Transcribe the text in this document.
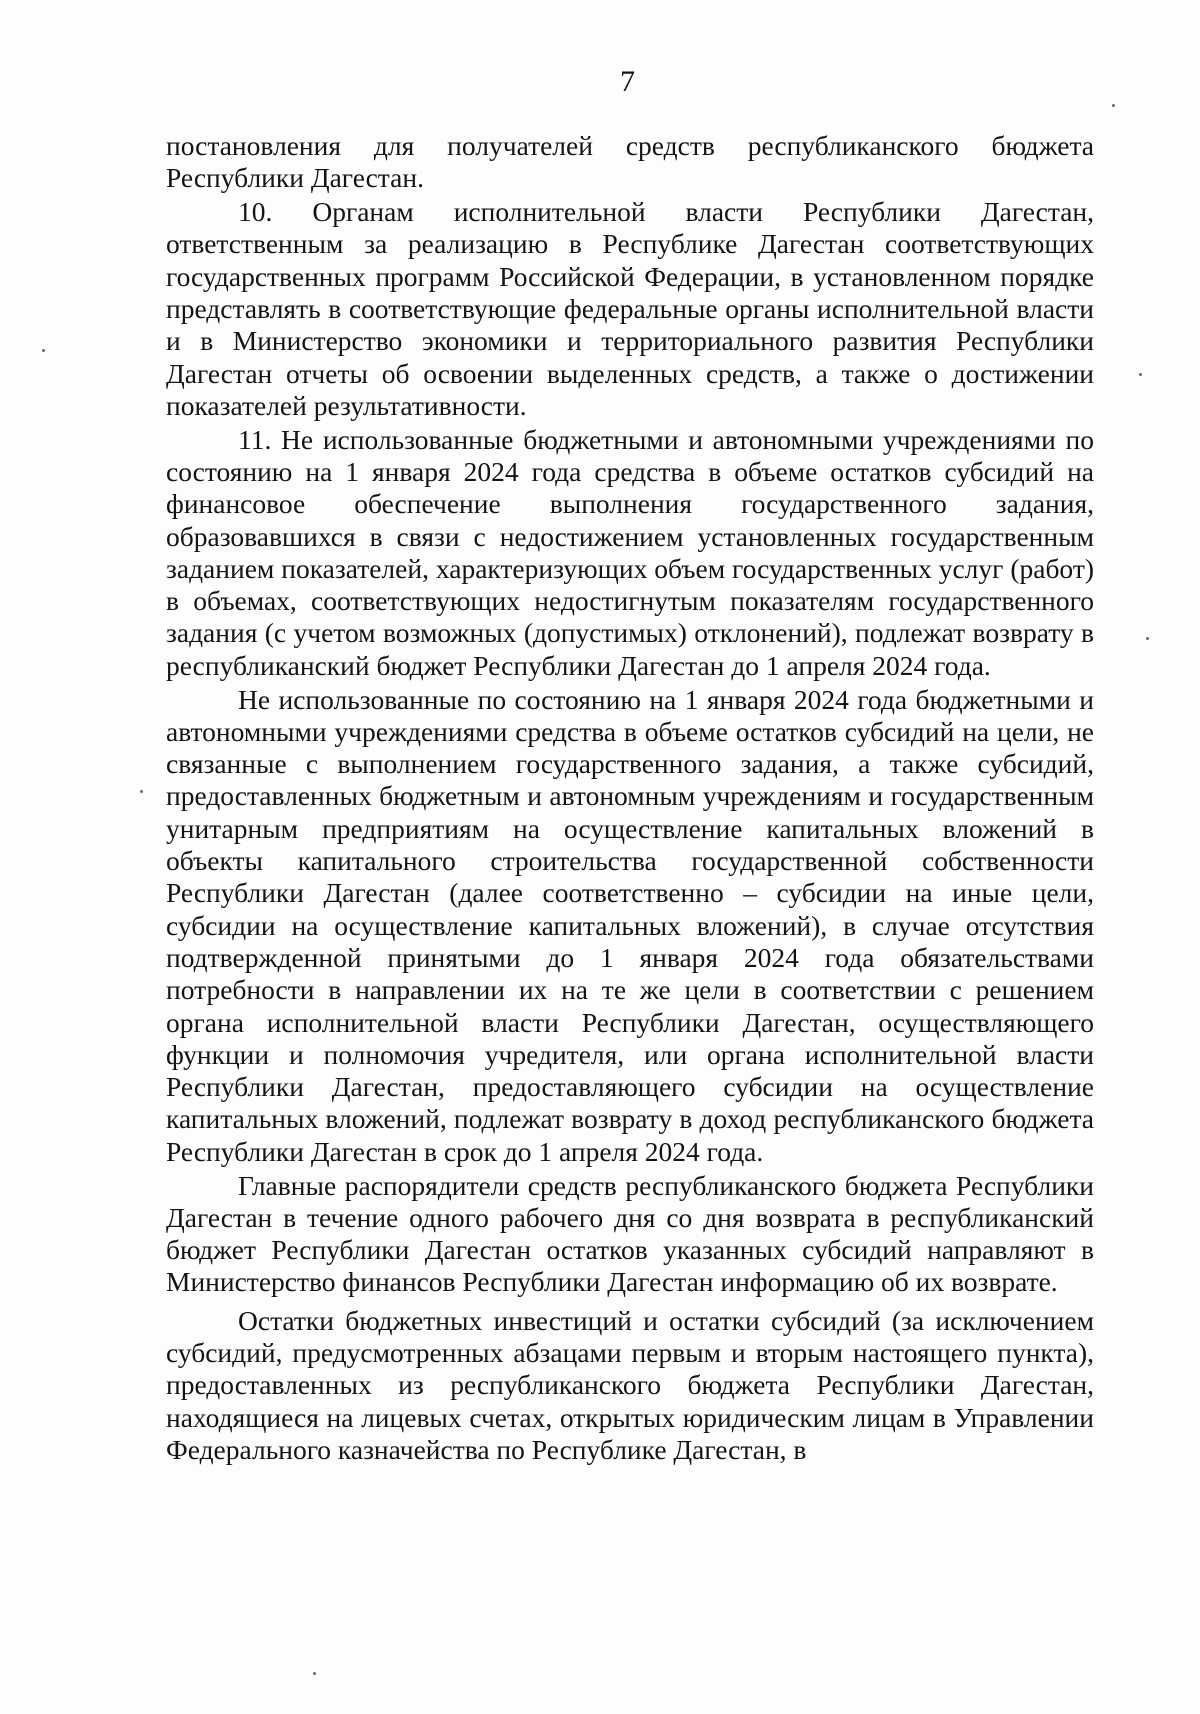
7

постановления для получателей средств республиканского бюджета Республики Дагестан.

10. Органам исполнительной власти Республики Дагестан, ответственным за реализацию в Республике Дагестан соответствующих государственных программ Российской Федерации, в установленном порядке представлять в соответствующие федеральные органы исполнительной власти и в Министерство экономики и территориального развития Республики Дагестан отчеты об освоении выделенных средств, а также о достижении показателей результативности.

11. Не использованные бюджетными и автономными учреждениями по состоянию на 1 января 2024 года средства в объеме остатков субсидий на финансовое обеспечение выполнения государственного задания, образовавшихся в связи с недостижением установленных государственным заданием показателей, характеризующих объем государственных услуг (работ) в объемах, соответствующих недостигнутым показателям государственного задания (с учетом возможных (допустимых) отклонений), подлежат возврату в республиканский бюджет Республики Дагестан до 1 апреля 2024 года.

Не использованные по состоянию на 1 января 2024 года бюджетными и автономными учреждениями средства в объеме остатков субсидий на цели, не связанные с выполнением государственного задания, а также субсидий, предоставленных бюджетным и автономным учреждениям и государственным унитарным предприятиям на осуществление капитальных вложений в объекты капитального строительства государственной собственности Республики Дагестан (далее соответственно – субсидии на иные цели, субсидии на осуществление капитальных вложений), в случае отсутствия подтвержденной принятыми до 1 января 2024 года обязательствами потребности в направлении их на те же цели в соответствии с решением органа исполнительной власти Республики Дагестан, осуществляющего функции и полномочия учредителя, или органа исполнительной власти Республики Дагестан, предоставляющего субсидии на осуществление капитальных вложений, подлежат возврату в доход республиканского бюджета Республики Дагестан в срок до 1 апреля 2024 года.

Главные распорядители средств республиканского бюджета Республики Дагестан в течение одного рабочего дня со дня возврата в республиканский бюджет Республики Дагестан остатков указанных субсидий направляют в Министерство финансов Республики Дагестан информацию об их возврате.

Остатки бюджетных инвестиций и остатки субсидий (за исключением субсидий, предусмотренных абзацами первым и вторым настоящего пункта), предоставленных из республиканского бюджета Республики Дагестан, находящиеся на лицевых счетах, открытых юридическим лицам в Управлении Федерального казначейства по Республике Дагестан, в
